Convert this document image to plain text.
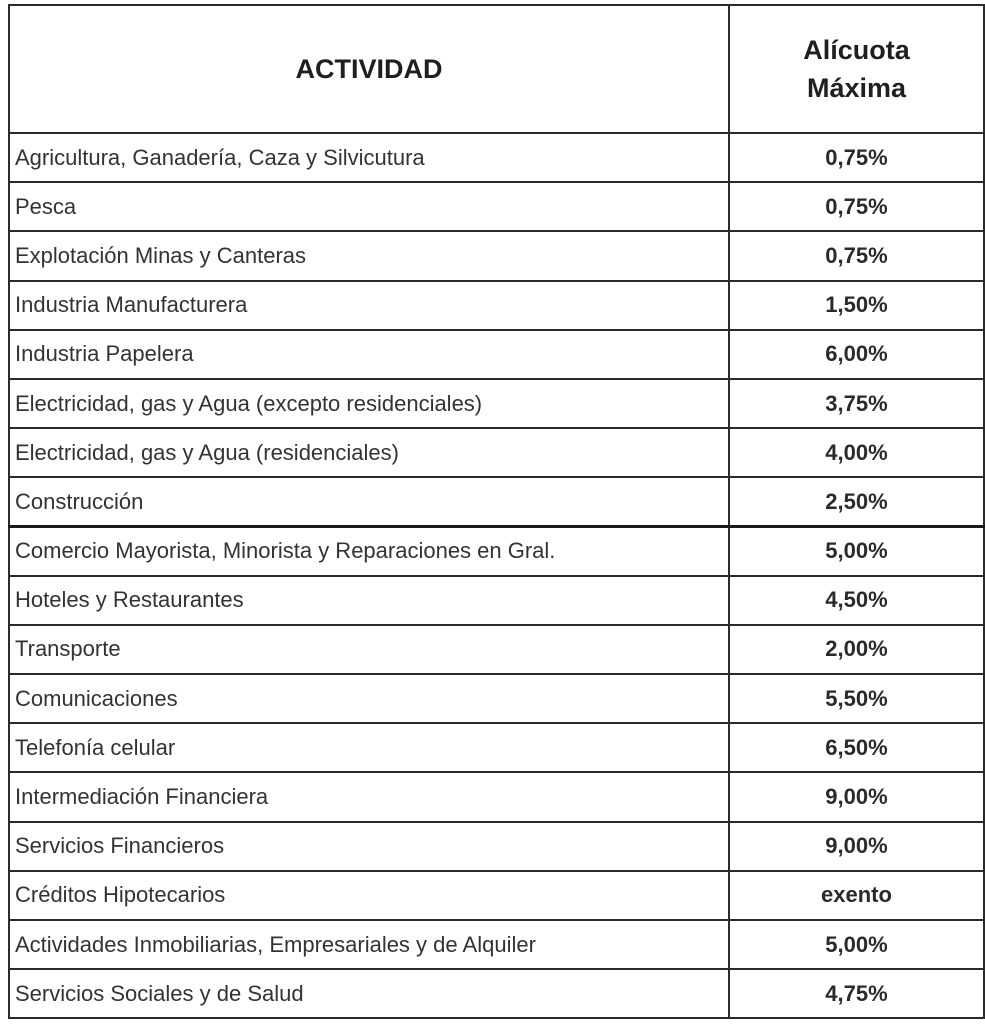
ACTIVIDAD	Alícuota
Máxima
Agricultura, Ganadería, Caza y Silvicutura	0,75%
Pesca	0,75%
Explotación Minas y Canteras	0,75%
Industria Manufacturera	1,50%
Industria Papelera	6,00%
Electricidad, gas y Agua (excepto residenciales)	3,75%
Electricidad, gas y Agua (residenciales)	4,00%
Construcción	2,50%
Comercio Mayorista, Minorista y Reparaciones en Gral.	5,00%
Hoteles y Restaurantes	4,50%
Transporte	2,00%
Comunicaciones	5,50%
Telefonía celular	6,50%
Intermediación Financiera	9,00%
Servicios Financieros	9,00%
Créditos Hipotecarios	exento
Actividades Inmobiliarias, Empresariales y de Alquiler	5,00%
Servicios Sociales y de Salud	4,75%
